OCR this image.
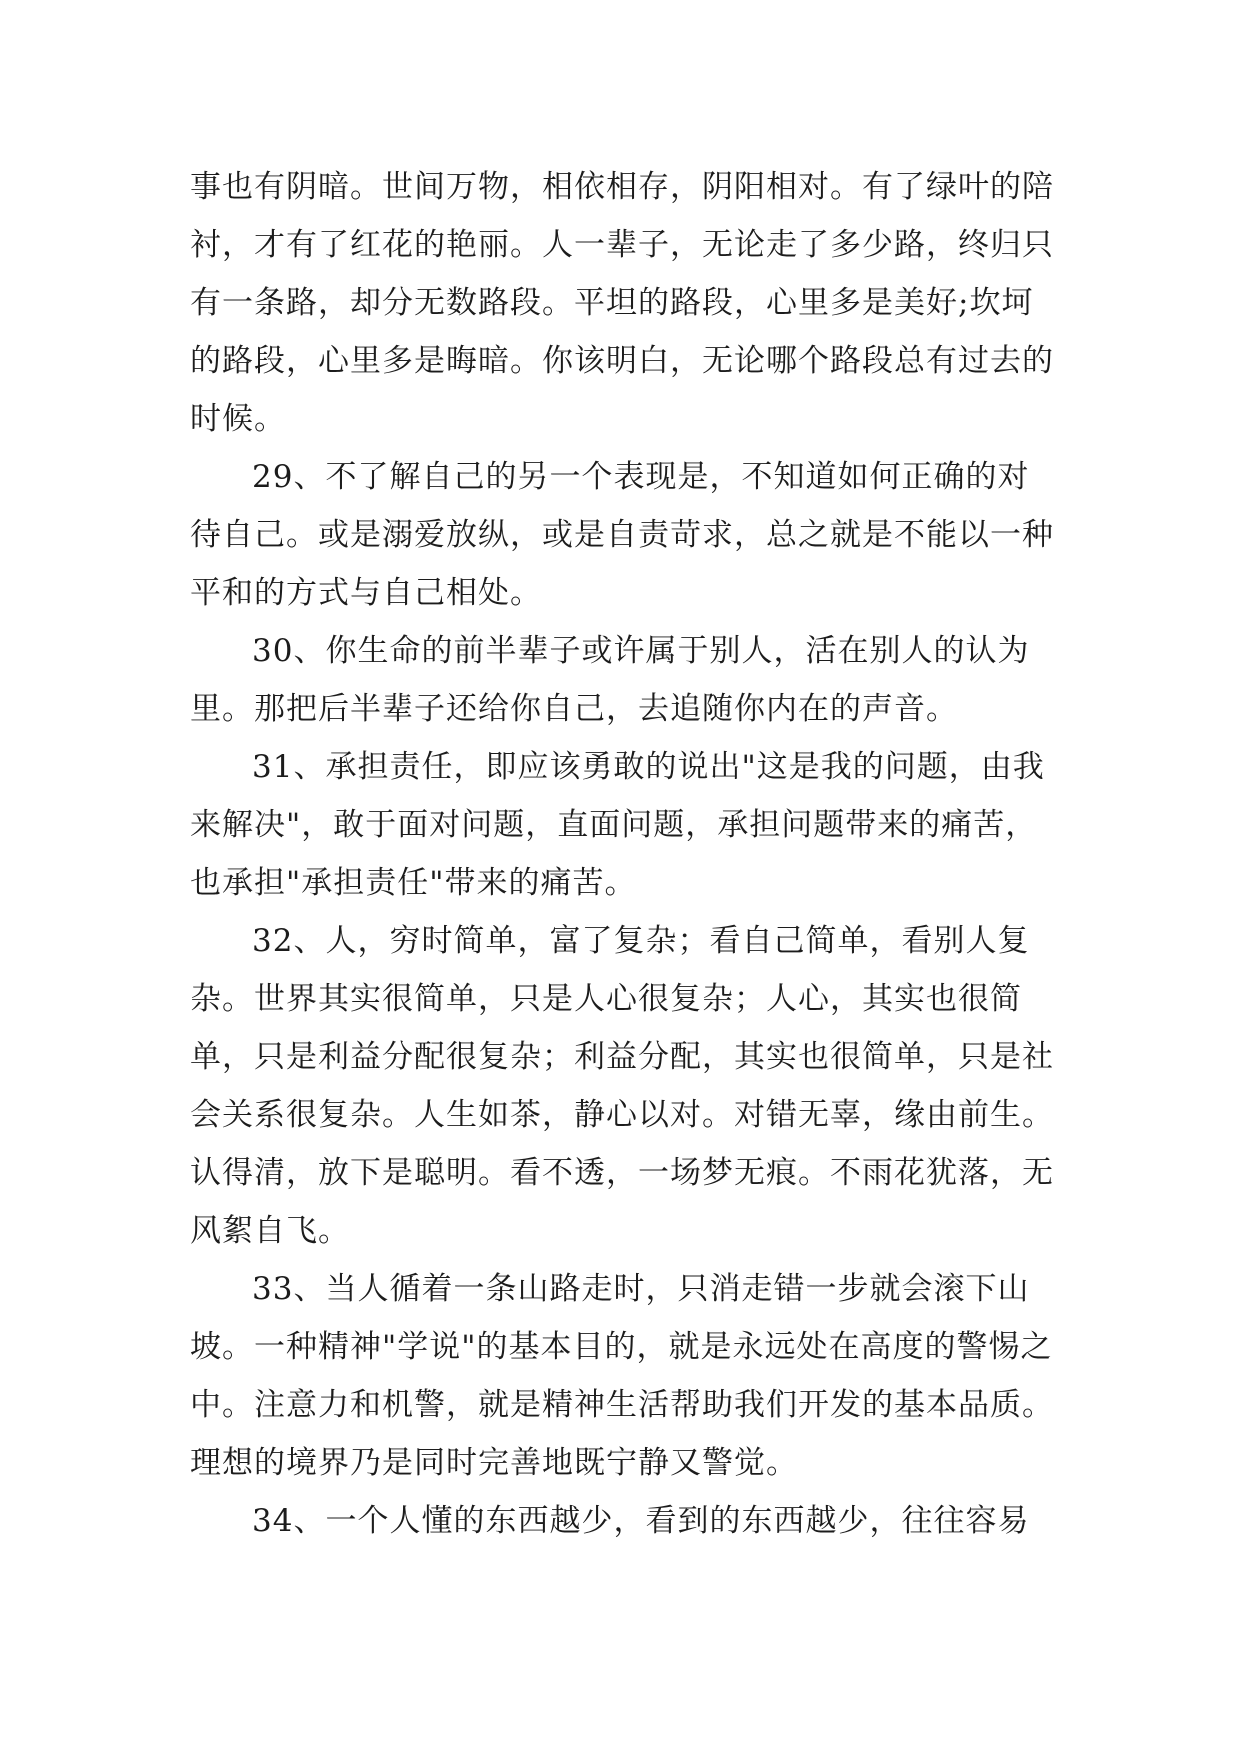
事也有阴暗。世间万物，相依相存，阴阳相对。有了绿叶的陪衬，才有了红花的艳丽。人一辈子，无论走了多少路，终归只有一条路，却分无数路段。平坦的路段，心里多是美好;坎坷的路段，心里多是晦暗。你该明白，无论哪个路段总有过去的时候。

29、不了解自己的另一个表现是，不知道如何正确的对待自己。或是溺爱放纵，或是自责苛求，总之就是不能以一种平和的方式与自己相处。

30、你生命的前半辈子或许属于别人，活在别人的认为里。那把后半辈子还给你自己，去追随你内在的声音。

31、承担责任，即应该勇敢的说出"这是我的问题，由我来解决"，敢于面对问题，直面问题，承担问题带来的痛苦，也承担"承担责任"带来的痛苦。

32、人，穷时简单，富了复杂；看自己简单，看别人复杂。世界其实很简单，只是人心很复杂；人心，其实也很简单，只是利益分配很复杂；利益分配，其实也很简单，只是社会关系很复杂。人生如茶，静心以对。对错无辜，缘由前生。认得清，放下是聪明。看不透，一场梦无痕。不雨花犹落，无风絮自飞。

33、当人循着一条山路走时，只消走错一步就会滚下山坡。一种精神"学说"的基本目的，就是永远处在高度的警惕之中。注意力和机警，就是精神生活帮助我们开发的基本品质。理想的境界乃是同时完善地既宁静又警觉。

34、一个人懂的东西越少，看到的东西越少，往往容易
